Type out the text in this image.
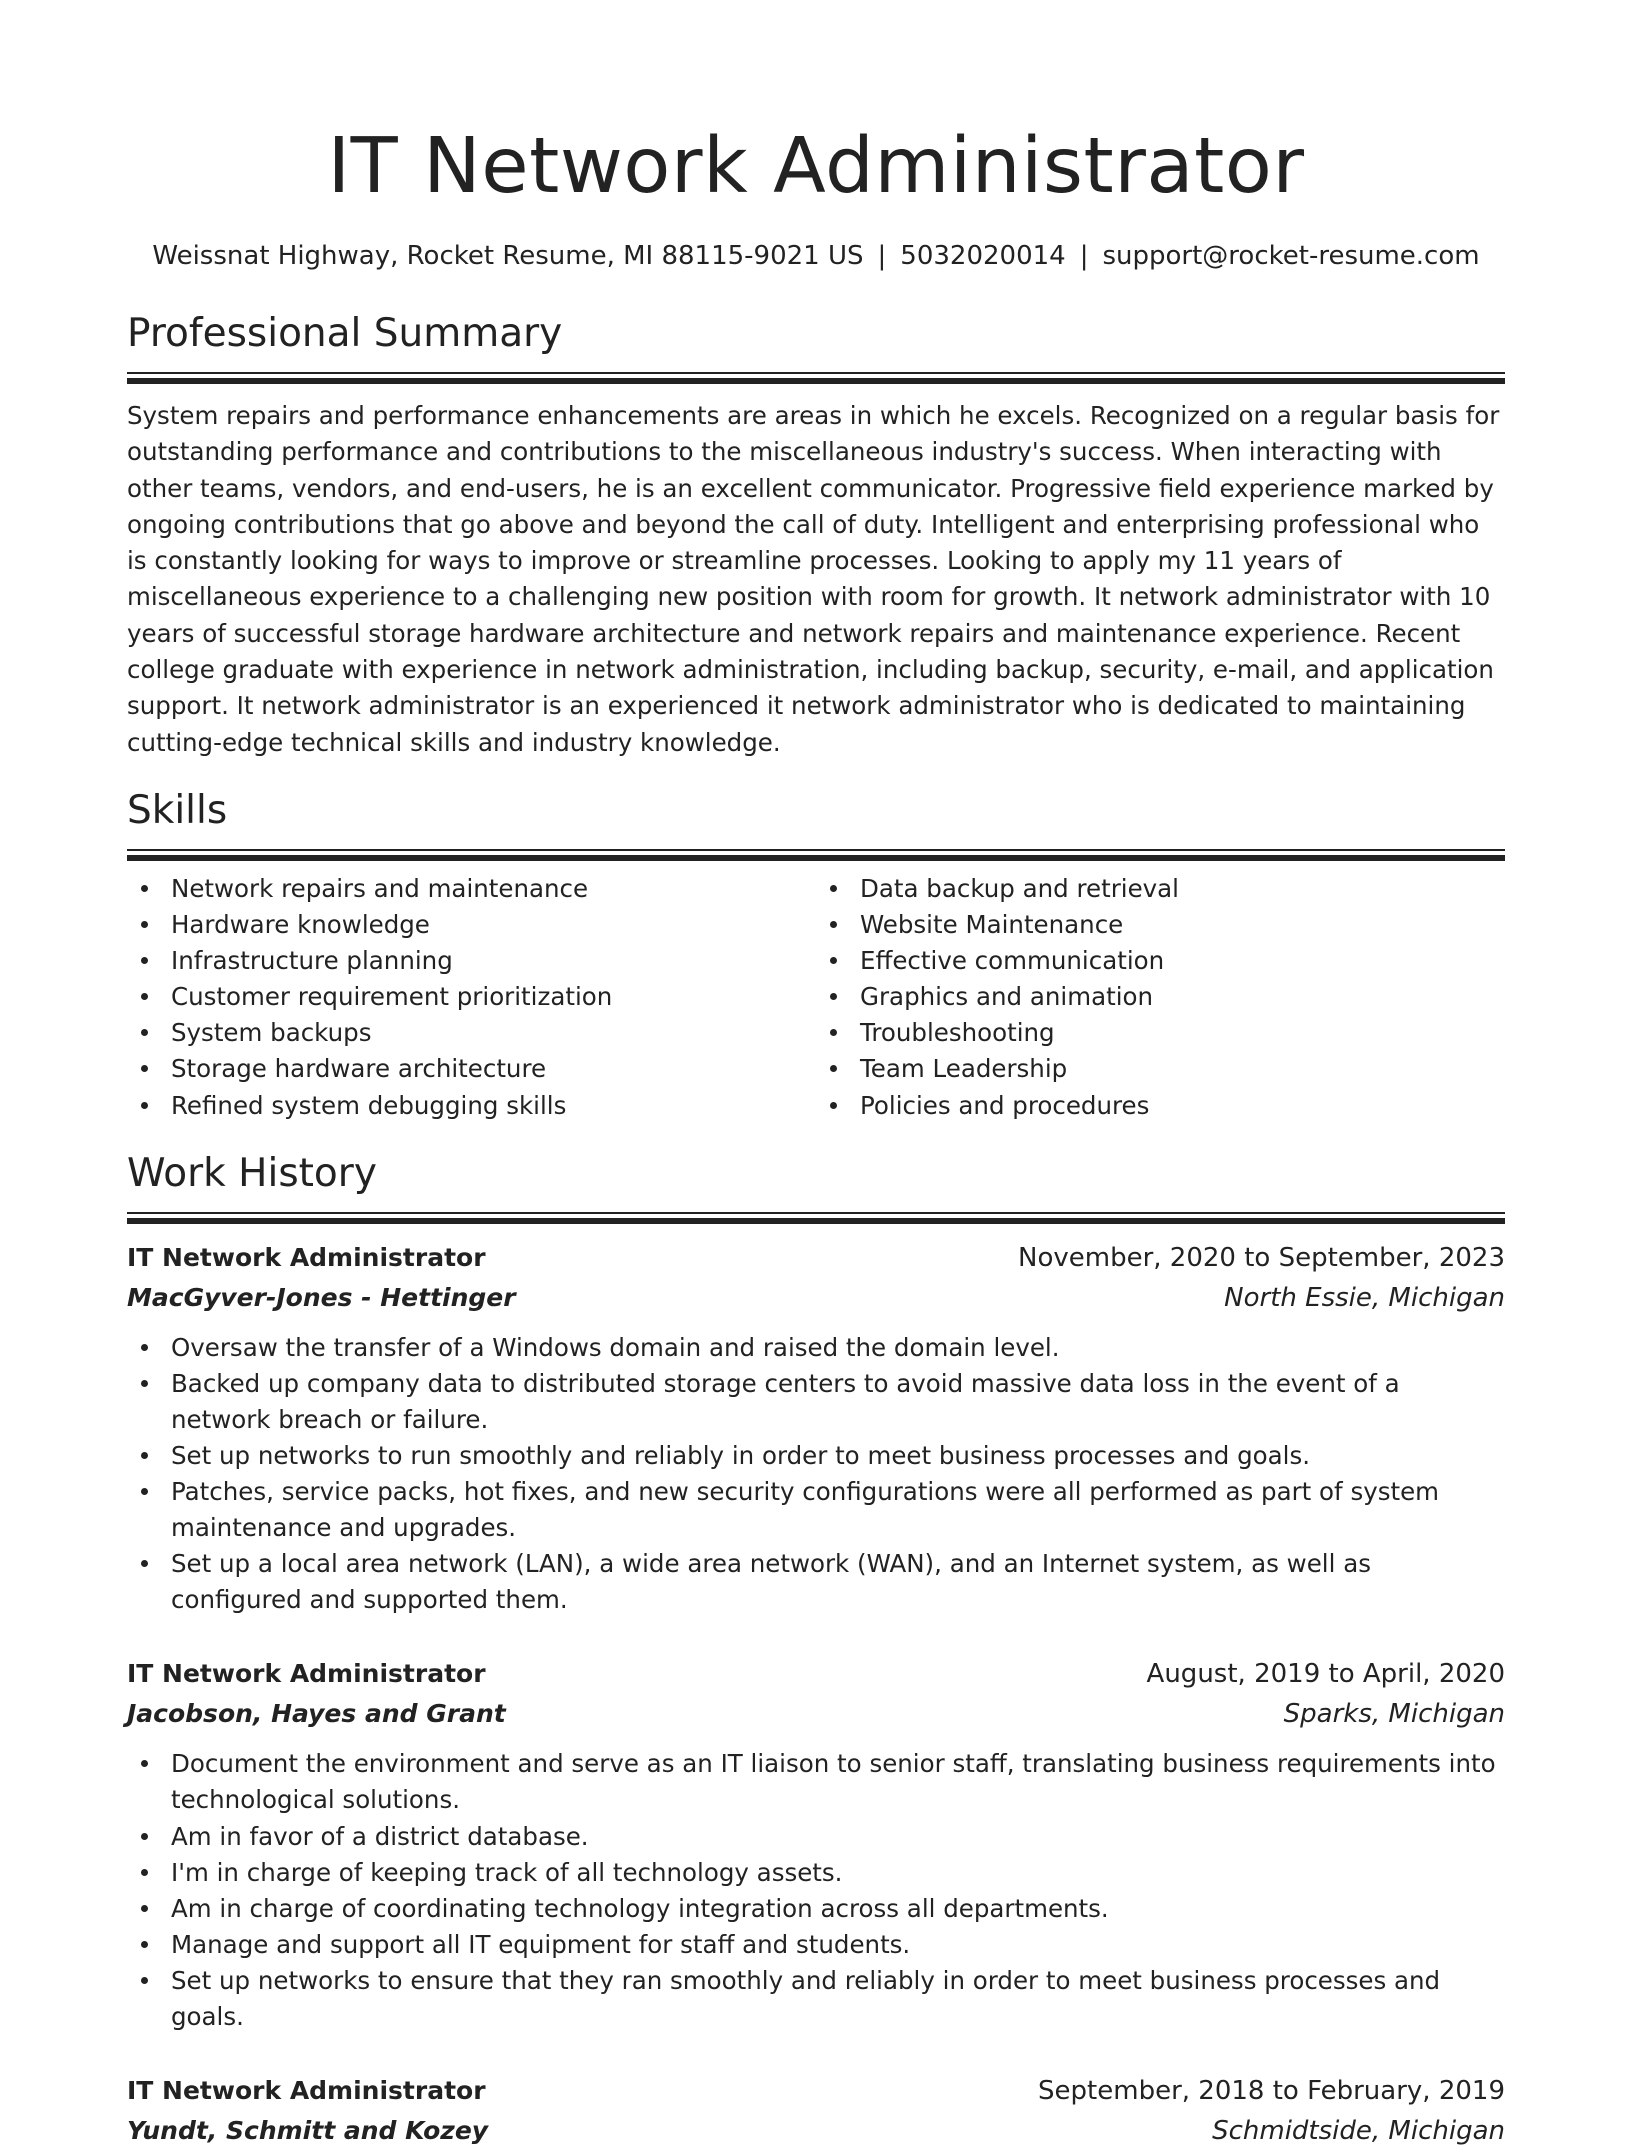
IT Network Administrator
Weissnat Highway, Rocket Resume, MI 88115-9021 US | 5032020014 | support@rocket-resume.com
Professional Summary

System repairs and performance enhancements are areas in which he excels. Recognized on a regular basis for outstanding performance and contributions to the miscellaneous industry's success. When interacting with other teams, vendors, and end-users, he is an excellent communicator. Progressive field experience marked by ongoing contributions that go above and beyond the call of duty. Intelligent and enterprising professional who is constantly looking for ways to improve or streamline processes. Looking to apply my 11 years of miscellaneous experience to a challenging new position with room for growth. It network administrator with 10 years of successful storage hardware architecture and network repairs and maintenance experience. Recent college graduate with experience in network administration, including backup, security, e-mail, and application support. It network administrator is an experienced it network administrator who is dedicated to maintaining cutting-edge technical skills and industry knowledge.

Skills
Network repairs and maintenance
Hardware knowledge
Infrastructure planning
Customer requirement prioritization
System backups
Storage hardware architecture
Refined system debugging skills
Data backup and retrieval
Website Maintenance
Effective communication
Graphics and animation
Troubleshooting
Team Leadership
Policies and procedures
Work History
IT Network Administrator	November, 2020 to September, 2023
MacGyver-Jones - Hettinger	North Essie, Michigan
Oversaw the transfer of a Windows domain and raised the domain level.
Backed up company data to distributed storage centers to avoid massive data loss in the event of a network breach or failure.
Set up networks to run smoothly and reliably in order to meet business processes and goals.
Patches, service packs, hot fixes, and new security configurations were all performed as part of system maintenance and upgrades.
Set up a local area network (LAN), a wide area network (WAN), and an Internet system, as well as configured and supported them.
IT Network Administrator	August, 2019 to April, 2020
Jacobson, Hayes and Grant	Sparks, Michigan
Document the environment and serve as an IT liaison to senior staff, translating business requirements into technological solutions.
Am in favor of a district database.
I'm in charge of keeping track of all technology assets.
Am in charge of coordinating technology integration across all departments.
Manage and support all IT equipment for staff and students.
Set up networks to ensure that they ran smoothly and reliably in order to meet business processes and goals.
IT Network Administrator	September, 2018 to February, 2019
Yundt, Schmitt and Kozey	Schmidtside, Michigan
